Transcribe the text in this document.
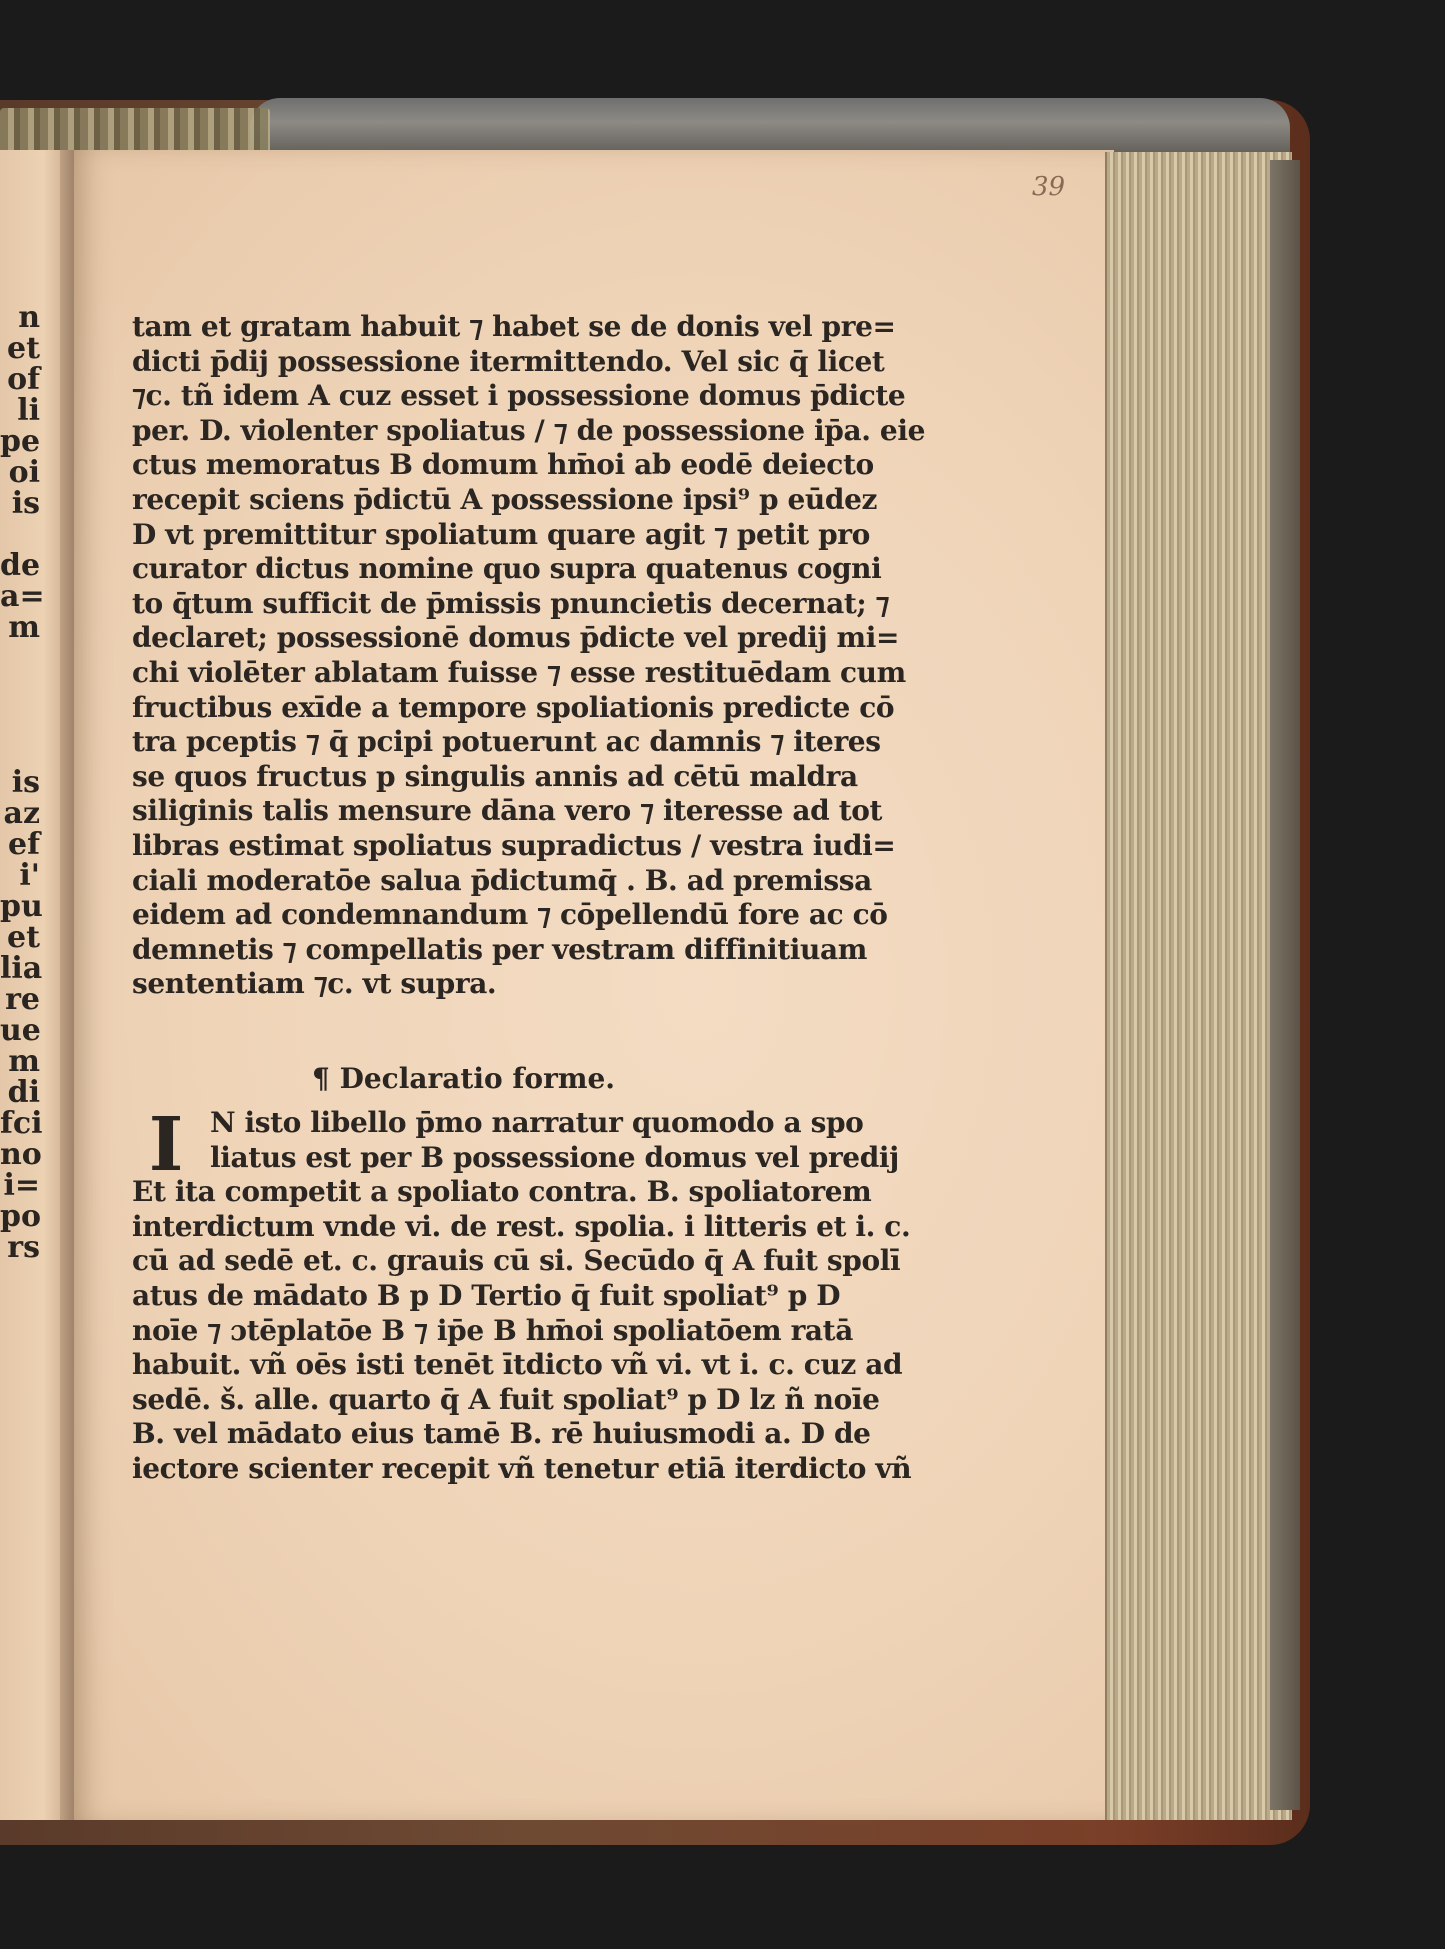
n
et
of
li
pe
oi
is
de
a=
m
is
az
ef
i'
pu
et
lia
re
ue
m
di
fci
no
i=
po
rs
39
tam et gratam habuit ⁊ habet se de donis vel pre=
dicti p̄dij possessione itermittendo. Vel sic q̄ licet
⁊c. tñ idem A cuz esset i possessione domus p̄dicte
per. D. violenter spoliatus / ⁊ de possessione ip̄a. eie
ctus memoratus B domum hm̄oi ab eodē deiecto
recepit sciens p̄dictū A possessione ipsi⁹ p eūdez
D vt premittitur spoliatum quare agit ⁊ petit pro
curator dictus nomine quo supra quatenus cogni
to q̄tum sufficit de p̄missis pnuncietis decernat; ⁊
declaret; possessionē domus p̄dicte vel predij mi=
chi violēter ablatam fuisse ⁊ esse restituēdam cum
fructibus exīde a tempore spoliationis predicte cō
tra pceptis ⁊ q̄ pcipi potuerunt ac damnis ⁊ iteres
se quos fructus p singulis annis ad cētū maldra
siliginis talis mensure dāna vero ⁊ iteresse ad tot
libras estimat spoliatus supradictus / vestra iudi=
ciali moderatōe salua p̄dictumq̄ . B. ad premissa
eidem ad condemnandum ⁊ cōpellendū fore ac cō
demnetis ⁊ compellatis per vestram diffinitiuam
sententiam ⁊c. vt supra.
¶ Declaratio forme.
I N isto libello p̄mo narratur quomodo a spo
liatus est per B possessione domus vel predij
Et ita competit a spoliato contra. B. spoliatorem
interdictum vnde vi. de rest. spolia. i litteris et i. c.
cū ad sedē et. c. grauis cū si. Secūdo q̄ A fuit spolī
atus de mādato B p D Tertio q̄ fuit spoliat⁹ p D
noīe ⁊ ɔtēplatōe B ⁊ ip̄e B hm̄oi spoliatōem ratā
habuit. vñ oēs isti tenēt ītdicto vñ vi. vt i. c. cuz ad
sedē. š. alle. quarto q̄ A fuit spoliat⁹ p D lz ñ noīe
B. vel mādato eius tamē B. rē huiusmodi a. D de
iectore scienter recepit vñ tenetur etiā iterdicto vñ
